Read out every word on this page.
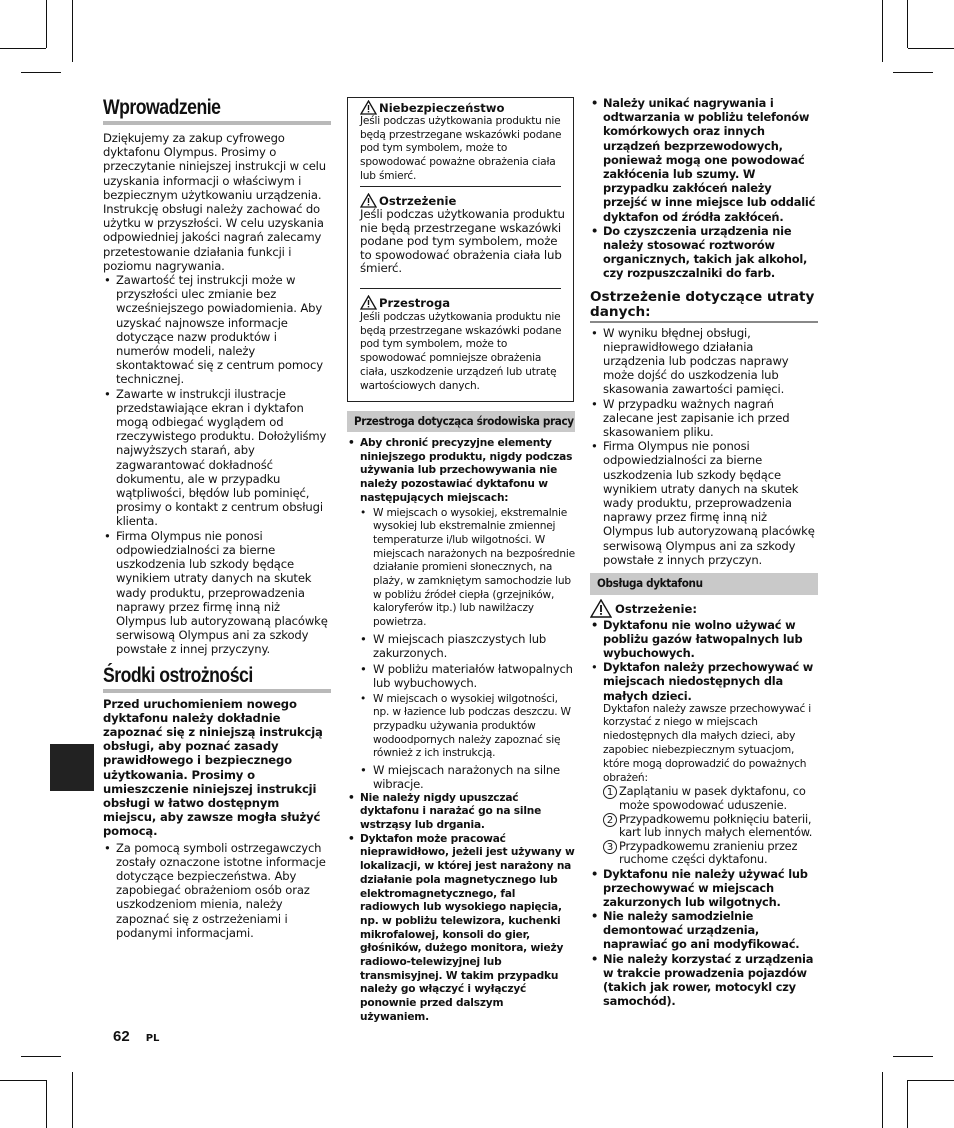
Wprowadzenie

Dziękujemy za zakup cyfrowego dyktafonu Olympus. Prosimy o przeczytanie niniejszej instrukcji w celu uzyskania informacji o właściwym i bezpiecznym użytkowaniu urządzenia. Instrukcję obsługi należy zachować do użytku w przyszłości. W celu uzyskania odpowiedniej jakości nagrań zalecamy przetestowanie działania funkcji i poziomu nagrywania.

• Zawartość tej instrukcji może w przyszłości ulec zmianie bez wcześniejszego powiadomienia. Aby uzyskać najnowsze informacje dotyczące nazw produktów i numerów modeli, należy skontaktować się z centrum pomocy technicznej.
• Zawarte w instrukcji ilustracje przedstawiające ekran i dyktafon mogą odbiegać wyglądem od rzeczywistego produktu. Dołożyliśmy najwyższych starań, aby zagwarantować dokładność dokumentu, ale w przypadku wątpliwości, błędów lub pominięć, prosimy o kontakt z centrum obsługi klienta.
• Firma Olympus nie ponosi odpowiedzialności za bierne uszkodzenia lub szkody będące wynikiem utraty danych na skutek wady produktu, przeprowadzenia naprawy przez firmę inną niż Olympus lub autoryzowaną placówkę serwisową Olympus ani za szkody powstałe z innej przyczyny.
Środki ostrożności

Przed uruchomieniem nowego dyktafonu należy dokładnie zapoznać się z niniejszą instrukcją obsługi, aby poznać zasady prawidłowego i bezpiecznego użytkowania. Prosimy o umieszczenie niniejszej instrukcji obsługi w łatwo dostępnym miejscu, aby zawsze mogła służyć pomocą.

• Za pomocą symboli ostrzegawczych zostały oznaczone istotne informacje dotyczące bezpieczeństwa. Aby zapobiegać obrażeniom osób oraz uszkodzeniom mienia, należy zapoznać się z ostrzeżeniami i podanymi informacjami.
62 PL
Niebezpieczeństwo

Jeśli podczas użytkowania produktu nie będą przestrzegane wskazówki podane pod tym symbolem, może to spowodować poważne obrażenia ciała lub śmierć.

Ostrzeżenie

Jeśli podczas użytkowania produktu nie będą przestrzegane wskazówki podane pod tym symbolem, może to spowodować obrażenia ciała lub śmierć.

Przestroga

Jeśli podczas użytkowania produktu nie będą przestrzegane wskazówki podane pod tym symbolem, może to spowodować pomniejsze obrażenia ciała, uszkodzenie urządzeń lub utratę wartościowych danych.

Przestroga dotycząca środowiska pracy
• Aby chronić precyzyjne elementy niniejszego produktu, nigdy podczas używania lub przechowywania nie należy pozostawiać dyktafonu w następujących miejscach:
• W miejscach o wysokiej, ekstremalnie wysokiej lub ekstremalnie zmiennej temperaturze i/lub wilgotności. W miejscach narażonych na bezpośrednie działanie promieni słonecznych, na plaży, w zamkniętym samochodzie lub w pobliżu źródeł ciepła (grzejników, kaloryferów itp.) lub nawilżaczy powietrza.
• W miejscach piaszczystych lub zakurzonych.
• W pobliżu materiałów łatwopalnych lub wybuchowych.
• W miejscach o wysokiej wilgotności, np. w łazience lub podczas deszczu. W przypadku używania produktów wodoodpornych należy zapoznać się również z ich instrukcją.
• W miejscach narażonych na silne wibracje.
• Nie należy nigdy upuszczać dyktafonu i narażać go na silne wstrząsy lub drgania.
• Dyktafon może pracować nieprawidłowo, jeżeli jest używany w lokalizacji, w której jest narażony na działanie pola magnetycznego lub elektromagnetycznego, fal radiowych lub wysokiego napięcia, np. w pobliżu telewizora, kuchenki mikrofalowej, konsoli do gier, głośników, dużego monitora, wieży radiowo-telewizyjnej lub transmisyjnej. W takim przypadku należy go włączyć i wyłączyć ponownie przed dalszym używaniem.
• Należy unikać nagrywania i odtwarzania w pobliżu telefonów komórkowych oraz innych urządzeń bezprzewodowych, ponieważ mogą one powodować zakłócenia lub szumy. W przypadku zakłóceń należy przejść w inne miejsce lub oddalić dyktafon od źródła zakłóceń.
• Do czyszczenia urządzenia nie należy stosować roztworów organicznych, takich jak alkohol, czy rozpuszczalniki do farb.
Ostrzeżenie dotyczące utraty danych:
• W wyniku błędnej obsługi, nieprawidłowego działania urządzenia lub podczas naprawy może dojść do uszkodzenia lub skasowania zawartości pamięci.
• W przypadku ważnych nagrań zalecane jest zapisanie ich przed skasowaniem pliku.
• Firma Olympus nie ponosi odpowiedzialności za bierne uszkodzenia lub szkody będące wynikiem utraty danych na skutek wady produktu, przeprowadzenia naprawy przez firmę inną niż Olympus lub autoryzowaną placówkę serwisową Olympus ani za szkody powstałe z innych przyczyn.
Obsługa dyktafonu
Ostrzeżenie:
• Dyktafonu nie wolno używać w pobliżu gazów łatwopalnych lub wybuchowych.
• Dyktafon należy przechowywać w miejscach niedostępnych dla małych dzieci.
Dyktafon należy zawsze przechowywać i korzystać z niego w miejscach niedostępnych dla małych dzieci, aby zapobiec niebezpiecznym sytuacjom, które mogą doprowadzić do poważnych obrażeń:
1 Zaplątaniu w pasek dyktafonu, co może spowodować uduszenie.
2 Przypadkowemu połknięciu baterii, kart lub innych małych elementów.
3 Przypadkowemu zranieniu przez ruchome części dyktafonu.
• Dyktafonu nie należy używać lub przechowywać w miejscach zakurzonych lub wilgotnych.
• Nie należy samodzielnie demontować urządzenia, naprawiać go ani modyfikować.
• Nie należy korzystać z urządzenia w trakcie prowadzenia pojazdów (takich jak rower, motocykl czy samochód).
